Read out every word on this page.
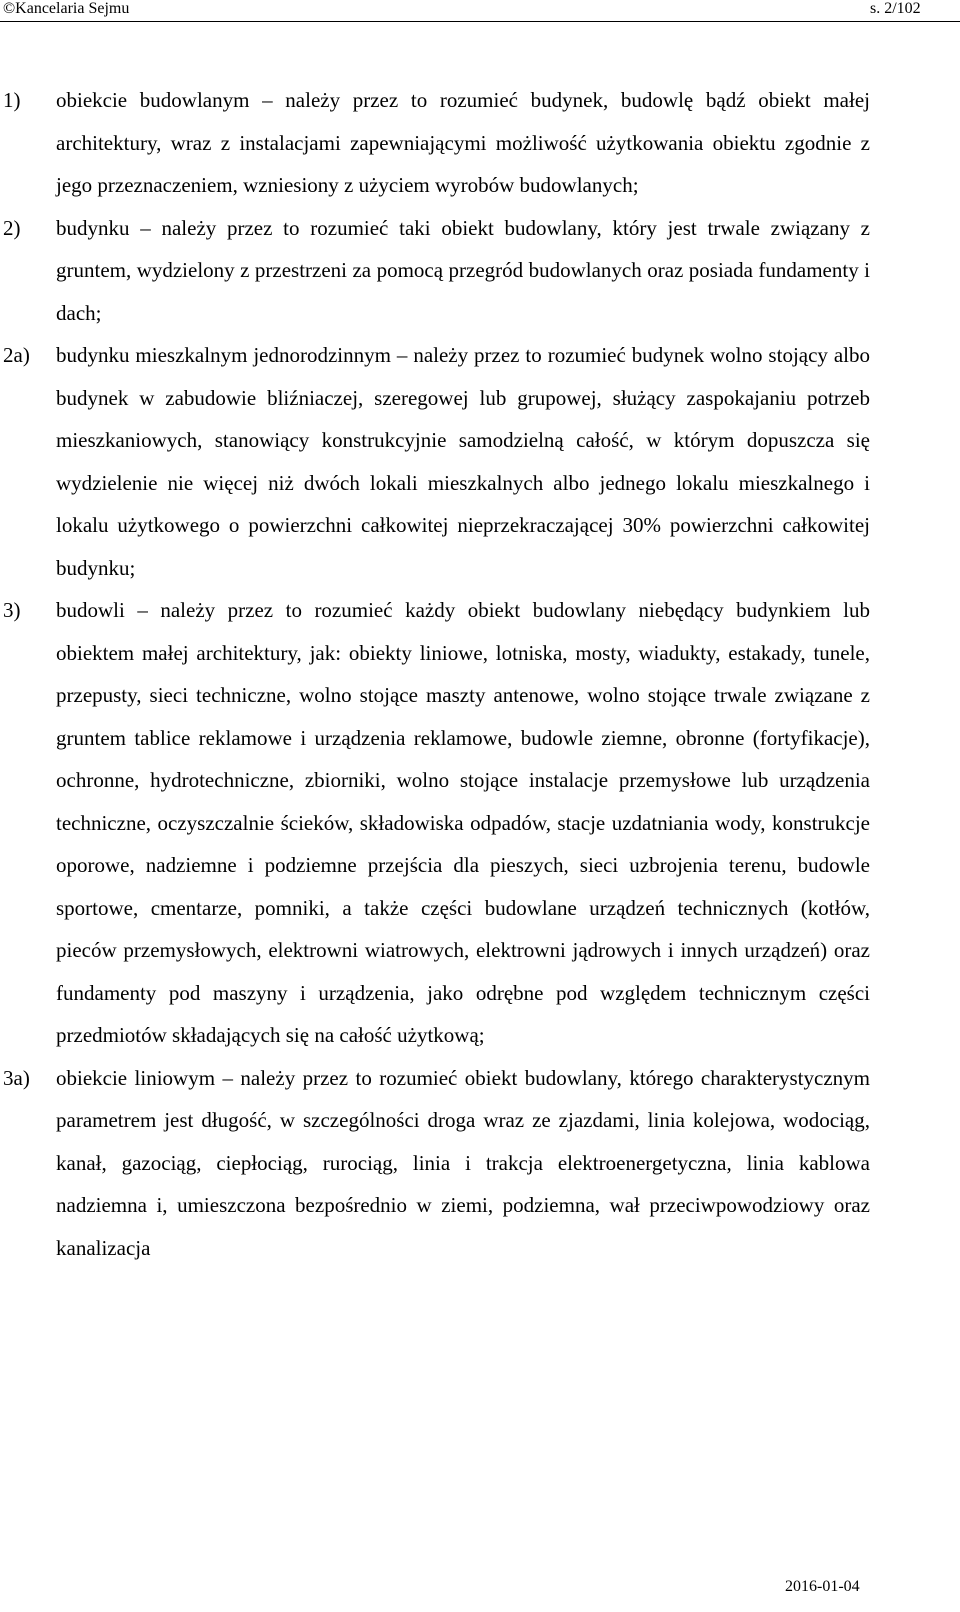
©Kancelaria Sejmu	s. 2/102
1) obiekcie budowlanym – należy przez to rozumieć budynek, budowlę bądź obiekt małej architektury, wraz z instalacjami zapewniającymi możliwość użytkowania obiektu zgodnie z jego przeznaczeniem, wzniesiony z użyciem wyrobów budowlanych;
2) budynku – należy przez to rozumieć taki obiekt budowlany, który jest trwale związany z gruntem, wydzielony z przestrzeni za pomocą przegród budowlanych oraz posiada fundamenty i dach;
2a) budynku mieszkalnym jednorodzinnym – należy przez to rozumieć budynek wolno stojący albo budynek w zabudowie bliźniaczej, szeregowej lub grupowej, służący zaspokajaniu potrzeb mieszkaniowych, stanowiący konstrukcyjnie samodzielną całość, w którym dopuszcza się wydzielenie nie więcej niż dwóch lokali mieszkalnych albo jednego lokalu mieszkalnego i lokalu użytkowego o powierzchni całkowitej nieprzekraczającej 30% powierzchni całkowitej budynku;
3) budowli – należy przez to rozumieć każdy obiekt budowlany niebędący budynkiem lub obiektem małej architektury, jak: obiekty liniowe, lotniska, mosty, wiadukty, estakady, tunele, przepusty, sieci techniczne, wolno stojące maszty antenowe, wolno stojące trwale związane z gruntem tablice reklamowe i urządzenia reklamowe, budowle ziemne, obronne (fortyfikacje), ochronne, hydrotechniczne, zbiorniki, wolno stojące instalacje przemysłowe lub urządzenia techniczne, oczyszczalnie ścieków, składowiska odpadów, stacje uzdatniania wody, konstrukcje oporowe, nadziemne i podziemne przejścia dla pieszych, sieci uzbrojenia terenu, budowle sportowe, cmentarze, pomniki, a także części budowlane urządzeń technicznych (kotłów, pieców przemysłowych, elektrowni wiatrowych, elektrowni jądrowych i innych urządzeń) oraz fundamenty pod maszyny i urządzenia, jako odrębne pod względem technicznym części przedmiotów składających się na całość użytkową;
3a) obiekcie liniowym – należy przez to rozumieć obiekt budowlany, którego charakterystycznym parametrem jest długość, w szczególności droga wraz ze zjazdami, linia kolejowa, wodociąg, kanał, gazociąg, ciepłociąg, rurociąg, linia i trakcja elektroenergetyczna, linia kablowa nadziemna i, umieszczona bezpośrednio w ziemi, podziemna, wał przeciwpowodziowy oraz kanalizacja
2016-01-04
